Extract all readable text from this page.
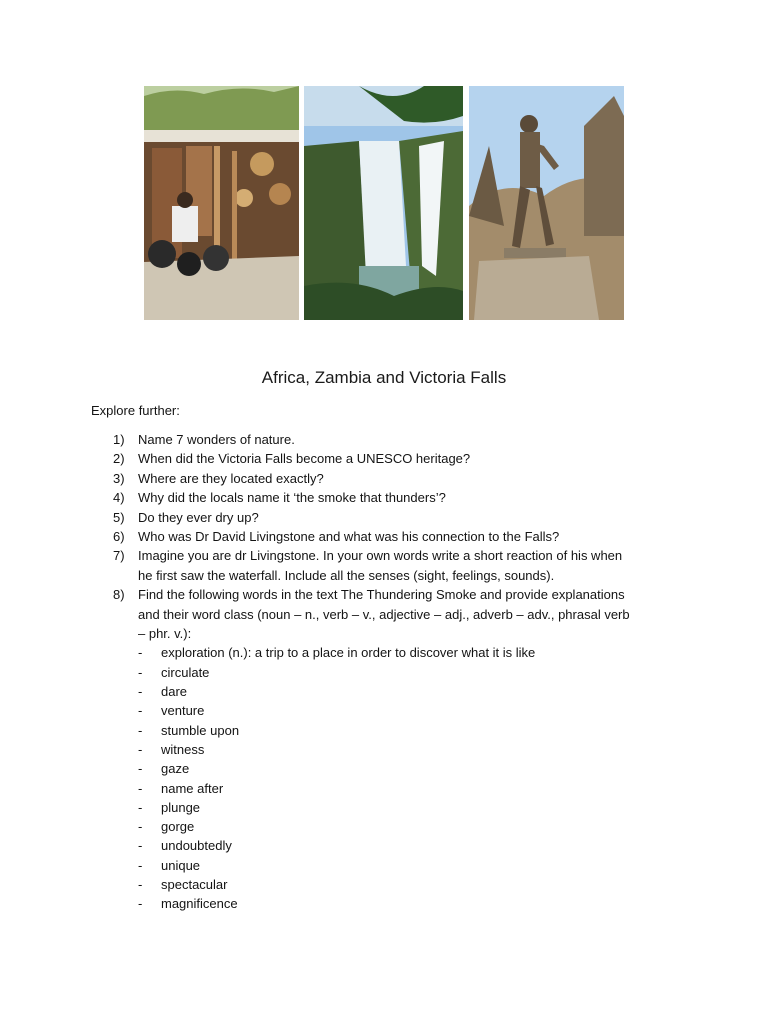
Africa, Zambia and Victoria Falls
Explore further:
1)	Name 7 wonders of nature.
2)	When did the Victoria Falls become a UNESCO heritage?
3)	Where are they located exactly?
4)	Why did the locals name it ‘the smoke that thunders’?
5)	Do they ever dry up?
6)	Who was Dr David Livingstone and what was his connection to the Falls?
7)	Imagine you are dr Livingstone. In your own words write a short reaction of his when
he first saw the waterfall. Include all the senses (sight, feelings, sounds).
8)	Find the following words in the text The Thundering Smoke and provide explanations
and their word class (noun – n., verb – v., adjective – adj., adverb – adv., phrasal verb
– phr. v.):
- exploration (n.): a trip to a place in order to discover what it is like
- circulate
- dare
- venture
- stumble upon
- witness
- gaze
- name after
- plunge
- gorge
- undoubtedly
- unique
- spectacular
- magnificence
